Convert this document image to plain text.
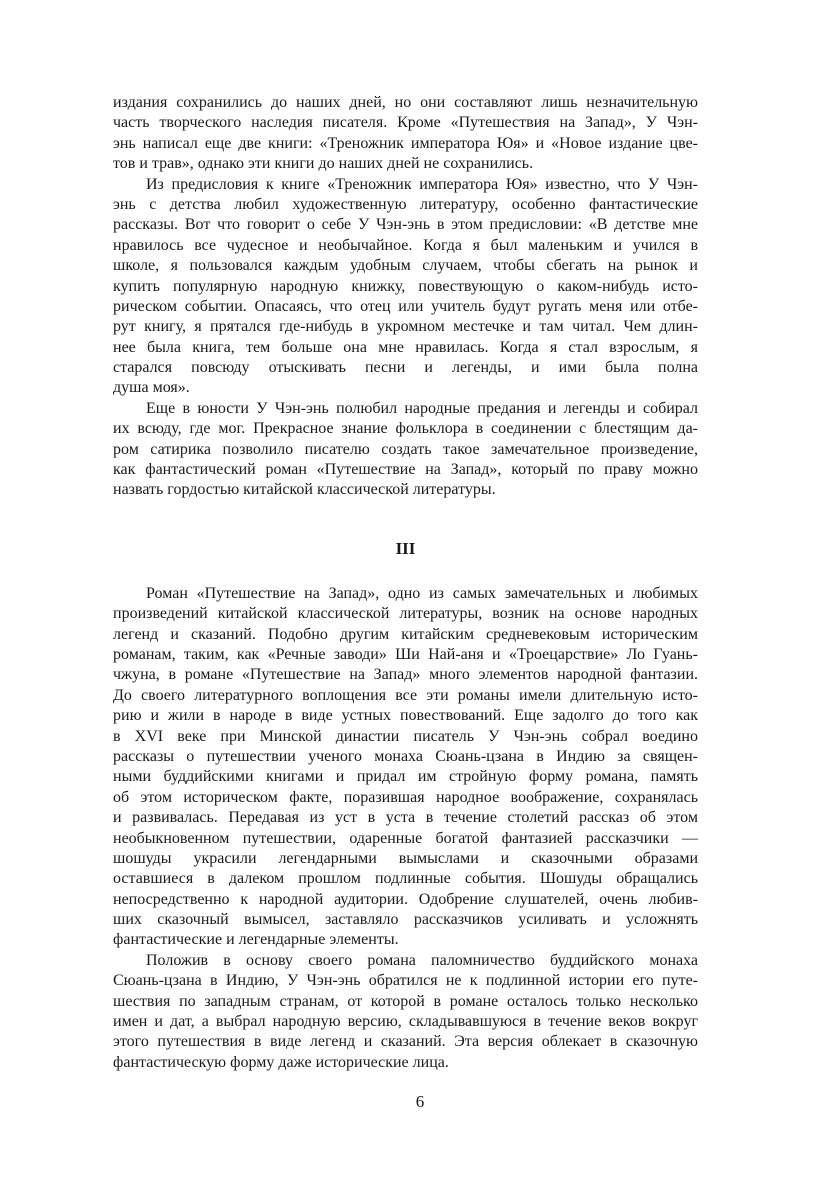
издания сохранились до наших дней, но они составляют лишь незначительную
часть творческого наследия писателя. Кроме «Путешествия на Запад», У Чэн-
энь написал еще две книги: «Треножник императора Юя» и «Новое издание цве-
тов и трав», однако эти книги до наших дней не сохранились.
Из предисловия к книге «Треножник императора Юя» известно, что У Чэн-
энь с детства любил художественную литературу, особенно фантастические
рассказы. Вот что говорит о себе У Чэн-энь в этом предисловии: «В детстве мне
нравилось все чудесное и необычайное. Когда я был маленьким и учился в
школе, я пользовался каждым удобным случаем, чтобы сбегать на рынок и
купить популярную народную книжку, повествующую о каком-нибудь исто-
рическом событии. Опасаясь, что отец или учитель будут ругать меня или отбе-
рут книгу, я прятался где-нибудь в укромном местечке и там читал. Чем длин-
нее была книга, тем больше она мне нравилась. Когда я стал взрослым, я
старался повсюду отыскивать песни и легенды, и ими была полна
душа моя».
Еще в юности У Чэн-энь полюбил народные предания и легенды и собирал
их всюду, где мог. Прекрасное знание фольклора в соединении с блестящим да-
ром сатирика позволило писателю создать такое замечательное произведение,
как фантастический роман «Путешествие на Запад», который по праву можно
назвать гордостью китайской классической литературы.
III
Роман «Путешествие на Запад», одно из самых замечательных и любимых
произведений китайской классической литературы, возник на основе народных
легенд и сказаний. Подобно другим китайским средневековым историческим
романам, таким, как «Речные заводи» Ши Най-аня и «Троецарствие» Ло Гуань-
чжуна, в романе «Путешествие на Запад» много элементов народной фантазии.
До своего литературного воплощения все эти романы имели длительную исто-
рию и жили в народе в виде устных повествований. Еще задолго до того как
в XVI веке при Минской династии писатель У Чэн-энь собрал воедино
рассказы о путешествии ученого монаха Сюань-цзана в Индию за священ-
ными буддийскими книгами и придал им стройную форму романа, память
об этом историческом факте, поразившая народное воображение, сохранялась
и развивалась. Передавая из уст в уста в течение столетий рассказ об этом
необыкновенном путешествии, одаренные богатой фантазией рассказчики —
шошуды украсили легендарными вымыслами и сказочными образами
оставшиеся в далеком прошлом подлинные события. Шошуды обращались
непосредственно к народной аудитории. Одобрение слушателей, очень любив-
ших сказочный вымысел, заставляло рассказчиков усиливать и усложнять
фантастические и легендарные элементы.
Положив в основу своего романа паломничество буддийского монаха
Сюань-цзана в Индию, У Чэн-энь обратился не к подлинной истории его путе-
шествия по западным странам, от которой в романе осталось только несколько
имен и дат, а выбрал народную версию, складывавшуюся в течение веков вокруг
этого путешествия в виде легенд и сказаний. Эта версия облекает в сказочную
фантастическую форму даже исторические лица.
6
